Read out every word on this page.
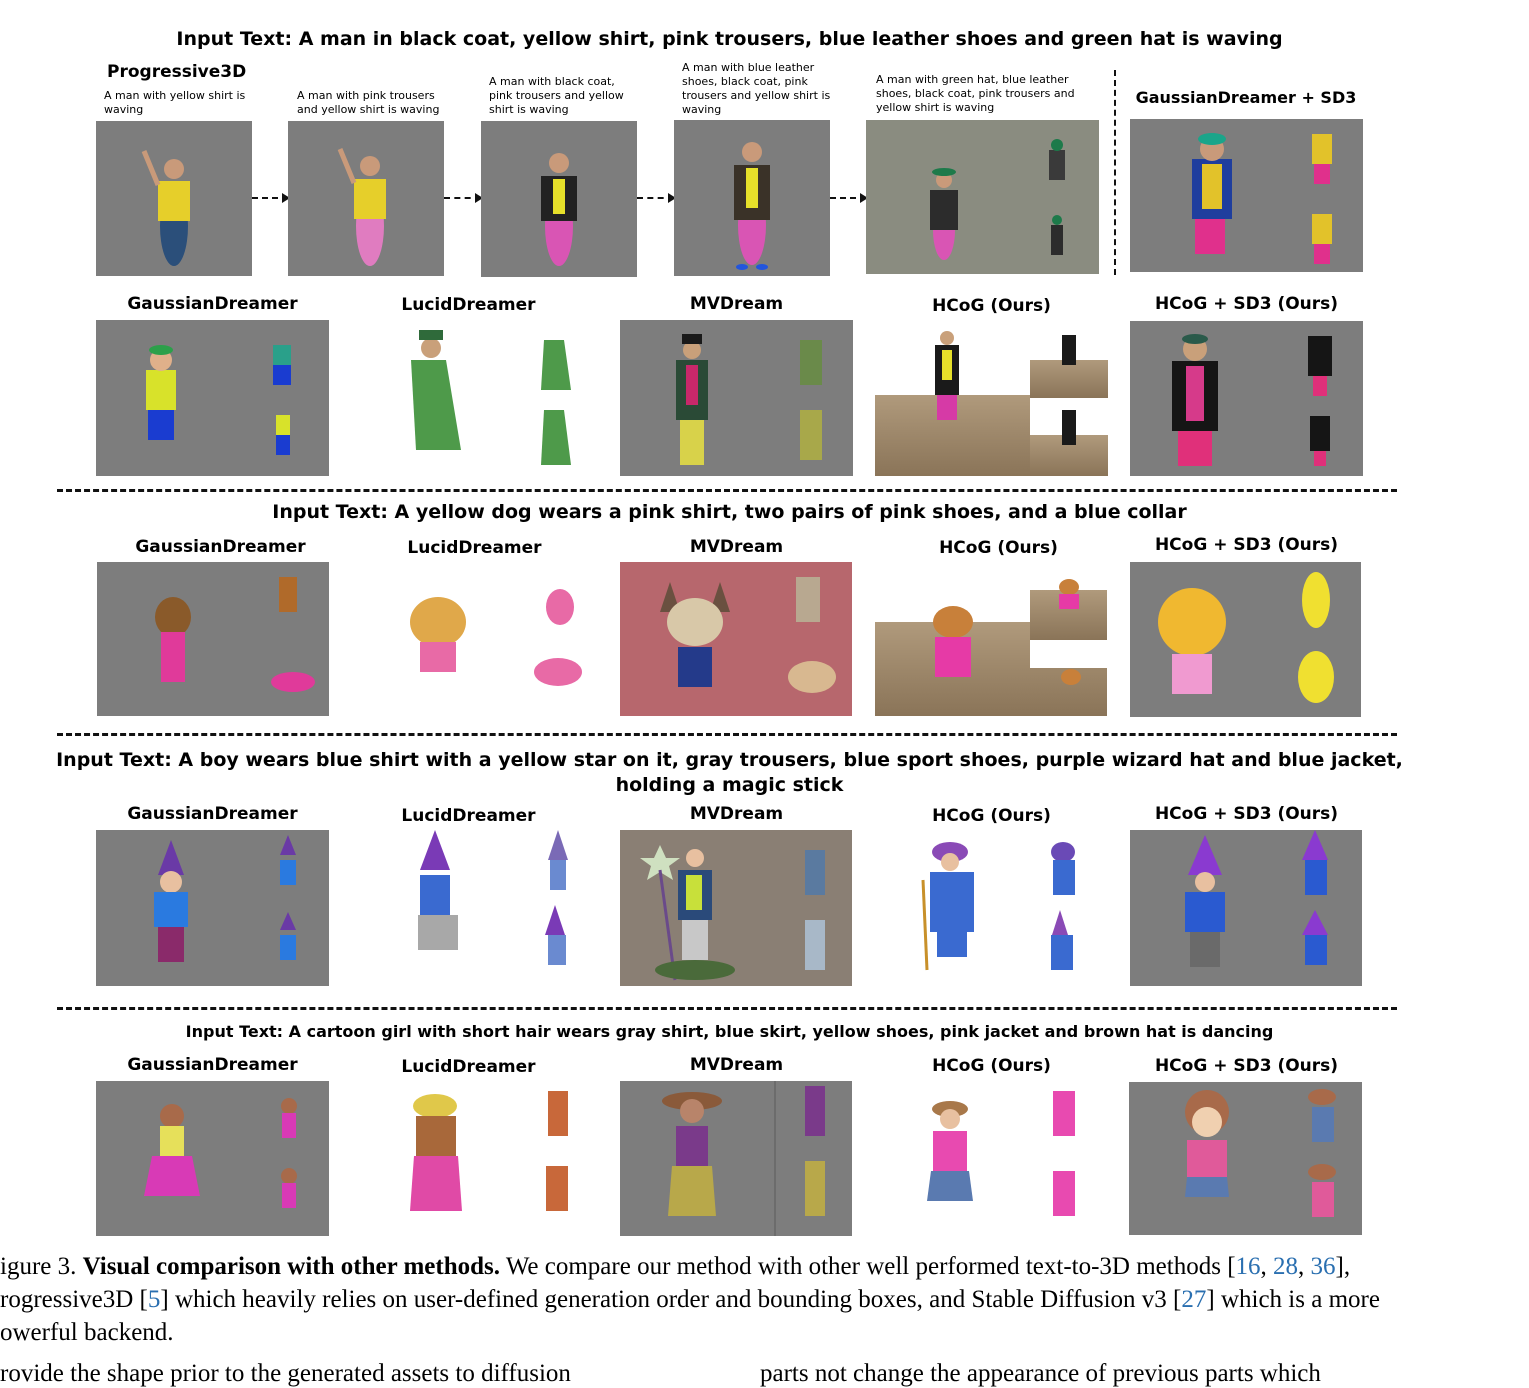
Input Text: A man in black coat, yellow shirt, pink trousers, blue leather shoes and green hat is waving
Progressive3D
A man with yellow shirt is waving
A man with pink trousers and yellow shirt is waving
A man with black coat, pink trousers and yellow shirt is waving
A man with blue leather shoes, black coat, pink trousers and yellow shirt is waving
A man with green hat, blue leather shoes, black coat, pink trousers and yellow shirt is waving
GaussianDreamer + SD3
GaussianDreamer	LucidDreamer	MVDream	HCoG (Ours)	HCoG + SD3 (Ours)
Input Text: A yellow dog wears a pink shirt, two pairs of pink shoes, and a blue collar
GaussianDreamer	LucidDreamer	MVDream	HCoG (Ours)	HCoG + SD3 (Ours)
Input Text: A boy wears blue shirt with a yellow star on it, gray trousers, blue sport shoes, purple wizard hat and blue jacket,
holding a magic stick
GaussianDreamer	LucidDreamer	MVDream	HCoG (Ours)	HCoG + SD3 (Ours)
Input Text: A cartoon girl with short hair wears gray shirt, blue skirt, yellow shoes, pink jacket and brown hat is dancing
GaussianDreamer	LucidDreamer	MVDream	HCoG (Ours)	HCoG + SD3 (Ours)
igure 3. Visual comparison with other methods. We compare our method with other well performed text-to-3D methods [16, 28, 36],
rogressive3D [5] which heavily relies on user-defined generation order and bounding boxes, and Stable Diffusion v3 [27] which is a more
owerful backend.
rovide the shape prior to the generated assets to diffusion	parts not change the appearance of previous parts which
